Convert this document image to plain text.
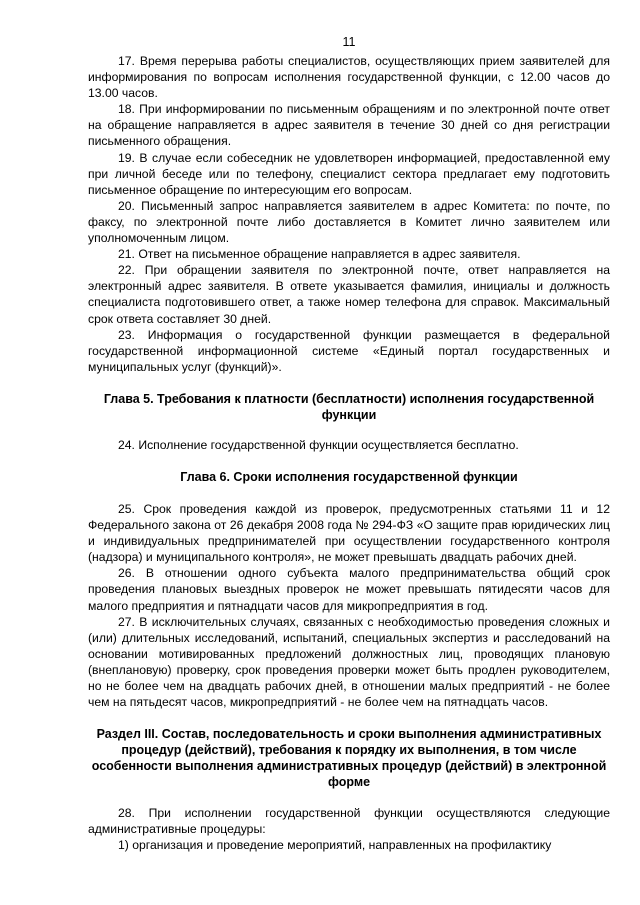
11

17. Время перерыва работы специалистов, осуществляющих прием заявителей для информирования по вопросам исполнения государственной функции, с 12.00 часов до 13.00 часов.

18. При информировании по письменным обращениям и по электронной почте ответ на обращение направляется в адрес заявителя в течение 30 дней со дня регистрации письменного обращения.

19. В случае если собеседник не удовлетворен информацией, предоставленной ему при личной беседе или по телефону, специалист сектора предлагает ему подготовить письменное обращение по интересующим его вопросам.

20. Письменный запрос направляется заявителем в адрес Комитета: по почте, по факсу, по электронной почте либо доставляется в Комитет лично заявителем или уполномоченным лицом.

21. Ответ на письменное обращение направляется в адрес заявителя.

22. При обращении заявителя по электронной почте, ответ направляется на электронный адрес заявителя. В ответе указывается фамилия, инициалы и должность специалиста подготовившего ответ, а также номер телефона для справок. Максимальный срок ответа составляет 30 дней.

23. Информация о государственной функции размещается в федеральной государственной информационной системе «Единый портал государственных и муниципальных услуг (функций)».

Глава 5. Требования к платности (бесплатности) исполнения государственной функции

24. Исполнение государственной функции осуществляется бесплатно.

Глава 6. Сроки исполнения государственной функции

25. Срок проведения каждой из проверок, предусмотренных статьями 11 и 12 Федерального закона от 26 декабря 2008 года № 294-ФЗ «О защите прав юридических лиц и индивидуальных предпринимателей при осуществлении государственного контроля (надзора) и муниципального контроля», не может превышать двадцать рабочих дней.

26. В отношении одного субъекта малого предпринимательства общий срок проведения плановых выездных проверок не может превышать пятидесяти часов для малого предприятия и пятнадцати часов для микропредприятия в год.

27. В исключительных случаях, связанных с необходимостью проведения сложных и (или) длительных исследований, испытаний, специальных экспертиз и расследований на основании мотивированных предложений должностных лиц, проводящих плановую (внеплановую) проверку, срок проведения проверки может быть продлен руководителем, но не более чем на двадцать рабочих дней, в отношении малых предприятий - не более чем на пятьдесят часов, микропредприятий - не более чем на пятнадцать часов.

Раздел III. Состав, последовательность и сроки выполнения административных процедур (действий), требования к порядку их выполнения, в том числе особенности выполнения административных процедур (действий) в электронной форме

28. При исполнении государственной функции осуществляются следующие административные процедуры:

1) организация и проведение мероприятий, направленных на профилактику
